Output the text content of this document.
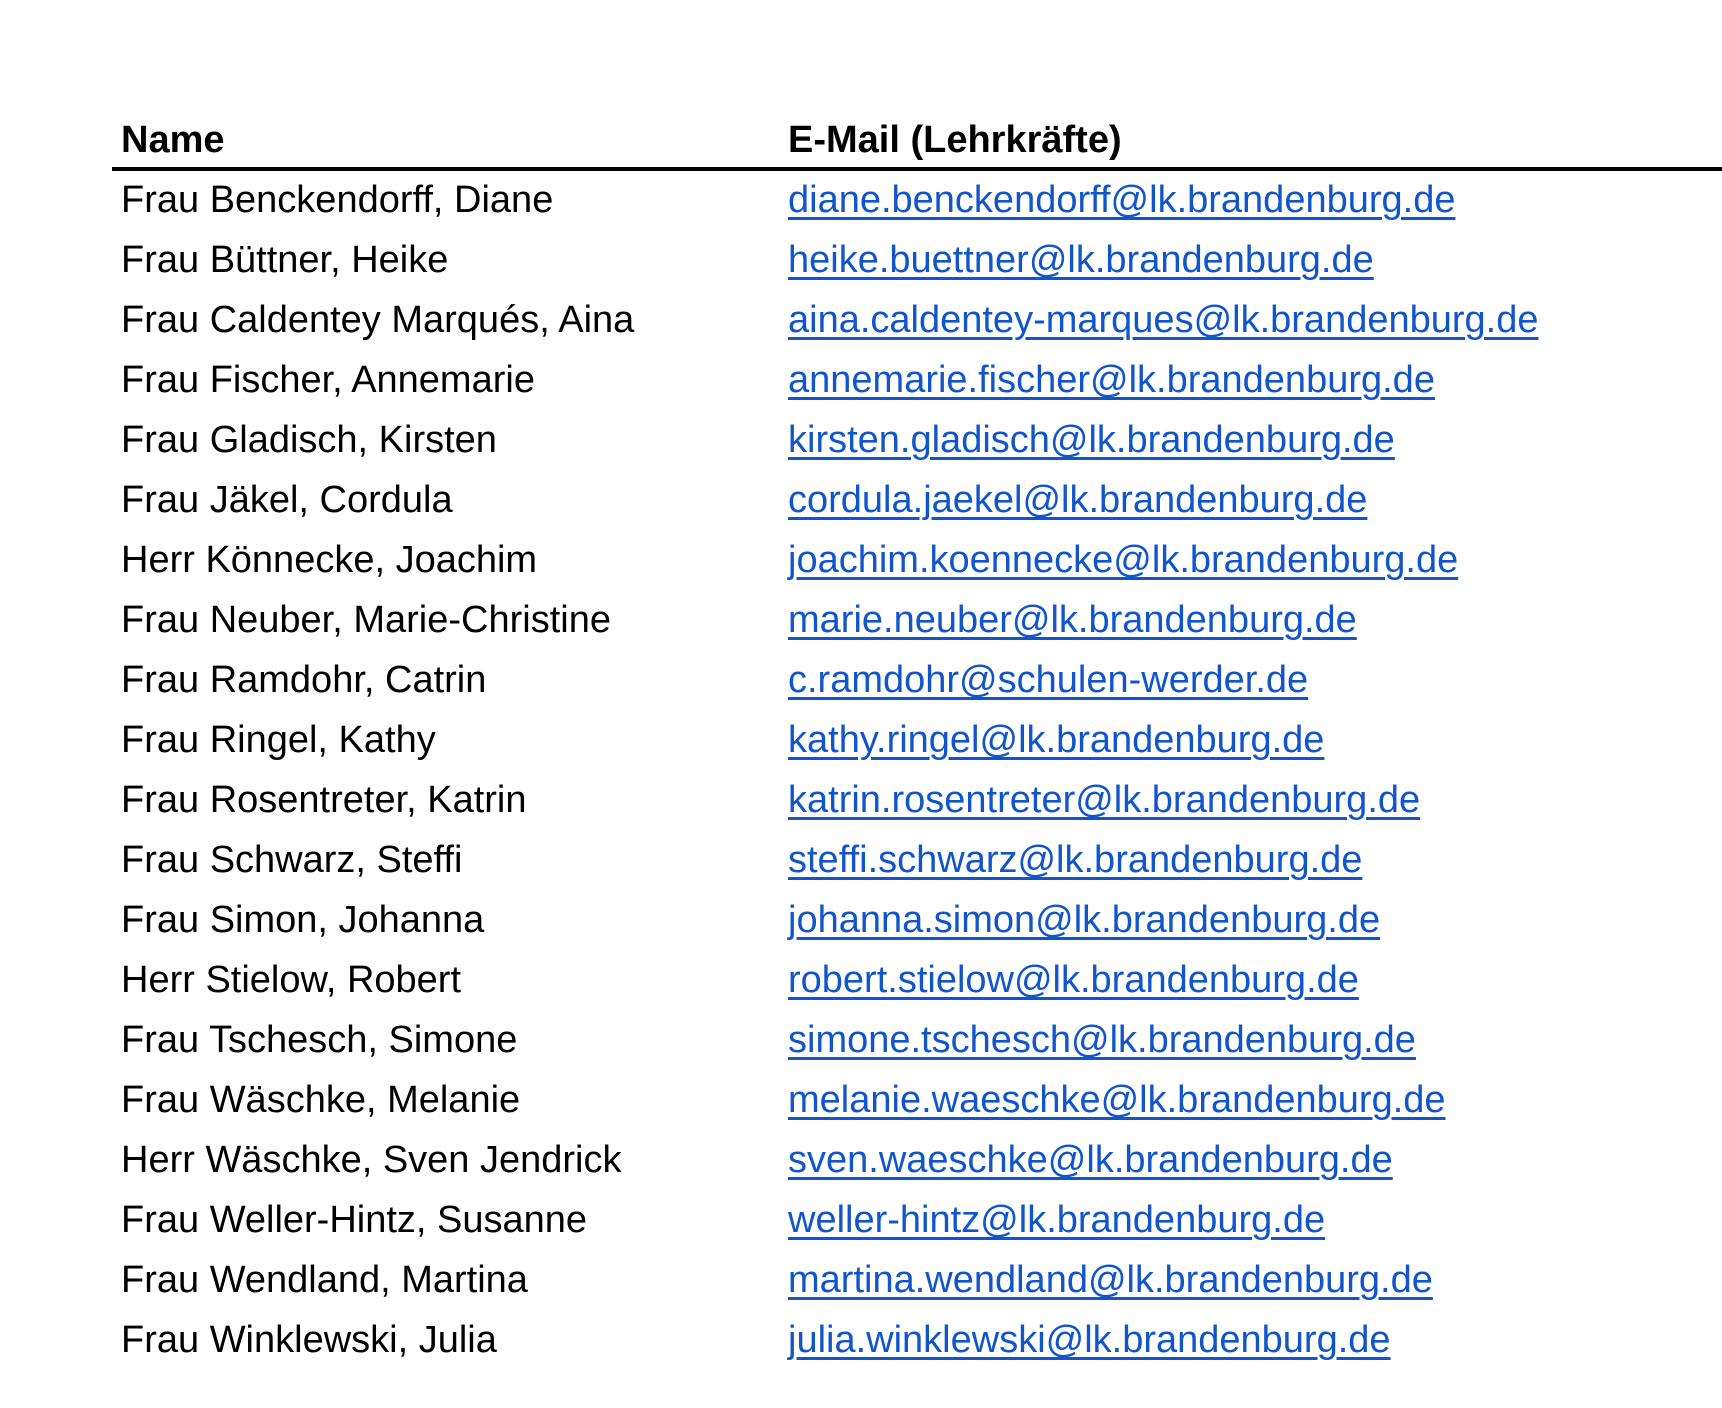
Name	E-Mail (Lehrkräfte)
Frau Benckendorff, Diane	diane.benckendorff@lk.brandenburg.de
Frau Büttner, Heike	heike.buettner@lk.brandenburg.de
Frau Caldentey Marqués, Aina	aina.caldentey-marques@lk.brandenburg.de
Frau Fischer, Annemarie	annemarie.fischer@lk.brandenburg.de
Frau Gladisch, Kirsten	kirsten.gladisch@lk.brandenburg.de
Frau Jäkel, Cordula	cordula.jaekel@lk.brandenburg.de
Herr Könnecke, Joachim	joachim.koennecke@lk.brandenburg.de
Frau Neuber, Marie-Christine	marie.neuber@lk.brandenburg.de
Frau Ramdohr, Catrin	c.ramdohr@schulen-werder.de
Frau Ringel, Kathy	kathy.ringel@lk.brandenburg.de
Frau Rosentreter, Katrin	katrin.rosentreter@lk.brandenburg.de
Frau Schwarz, Steffi	steffi.schwarz@lk.brandenburg.de
Frau Simon, Johanna	johanna.simon@lk.brandenburg.de
Herr Stielow, Robert	robert.stielow@lk.brandenburg.de
Frau Tschesch, Simone	simone.tschesch@lk.brandenburg.de
Frau Wäschke, Melanie	melanie.waeschke@lk.brandenburg.de
Herr Wäschke, Sven Jendrick	sven.waeschke@lk.brandenburg.de
Frau Weller-Hintz, Susanne	weller-hintz@lk.brandenburg.de
Frau Wendland, Martina	martina.wendland@lk.brandenburg.de
Frau Winklewski, Julia	julia.winklewski@lk.brandenburg.de
